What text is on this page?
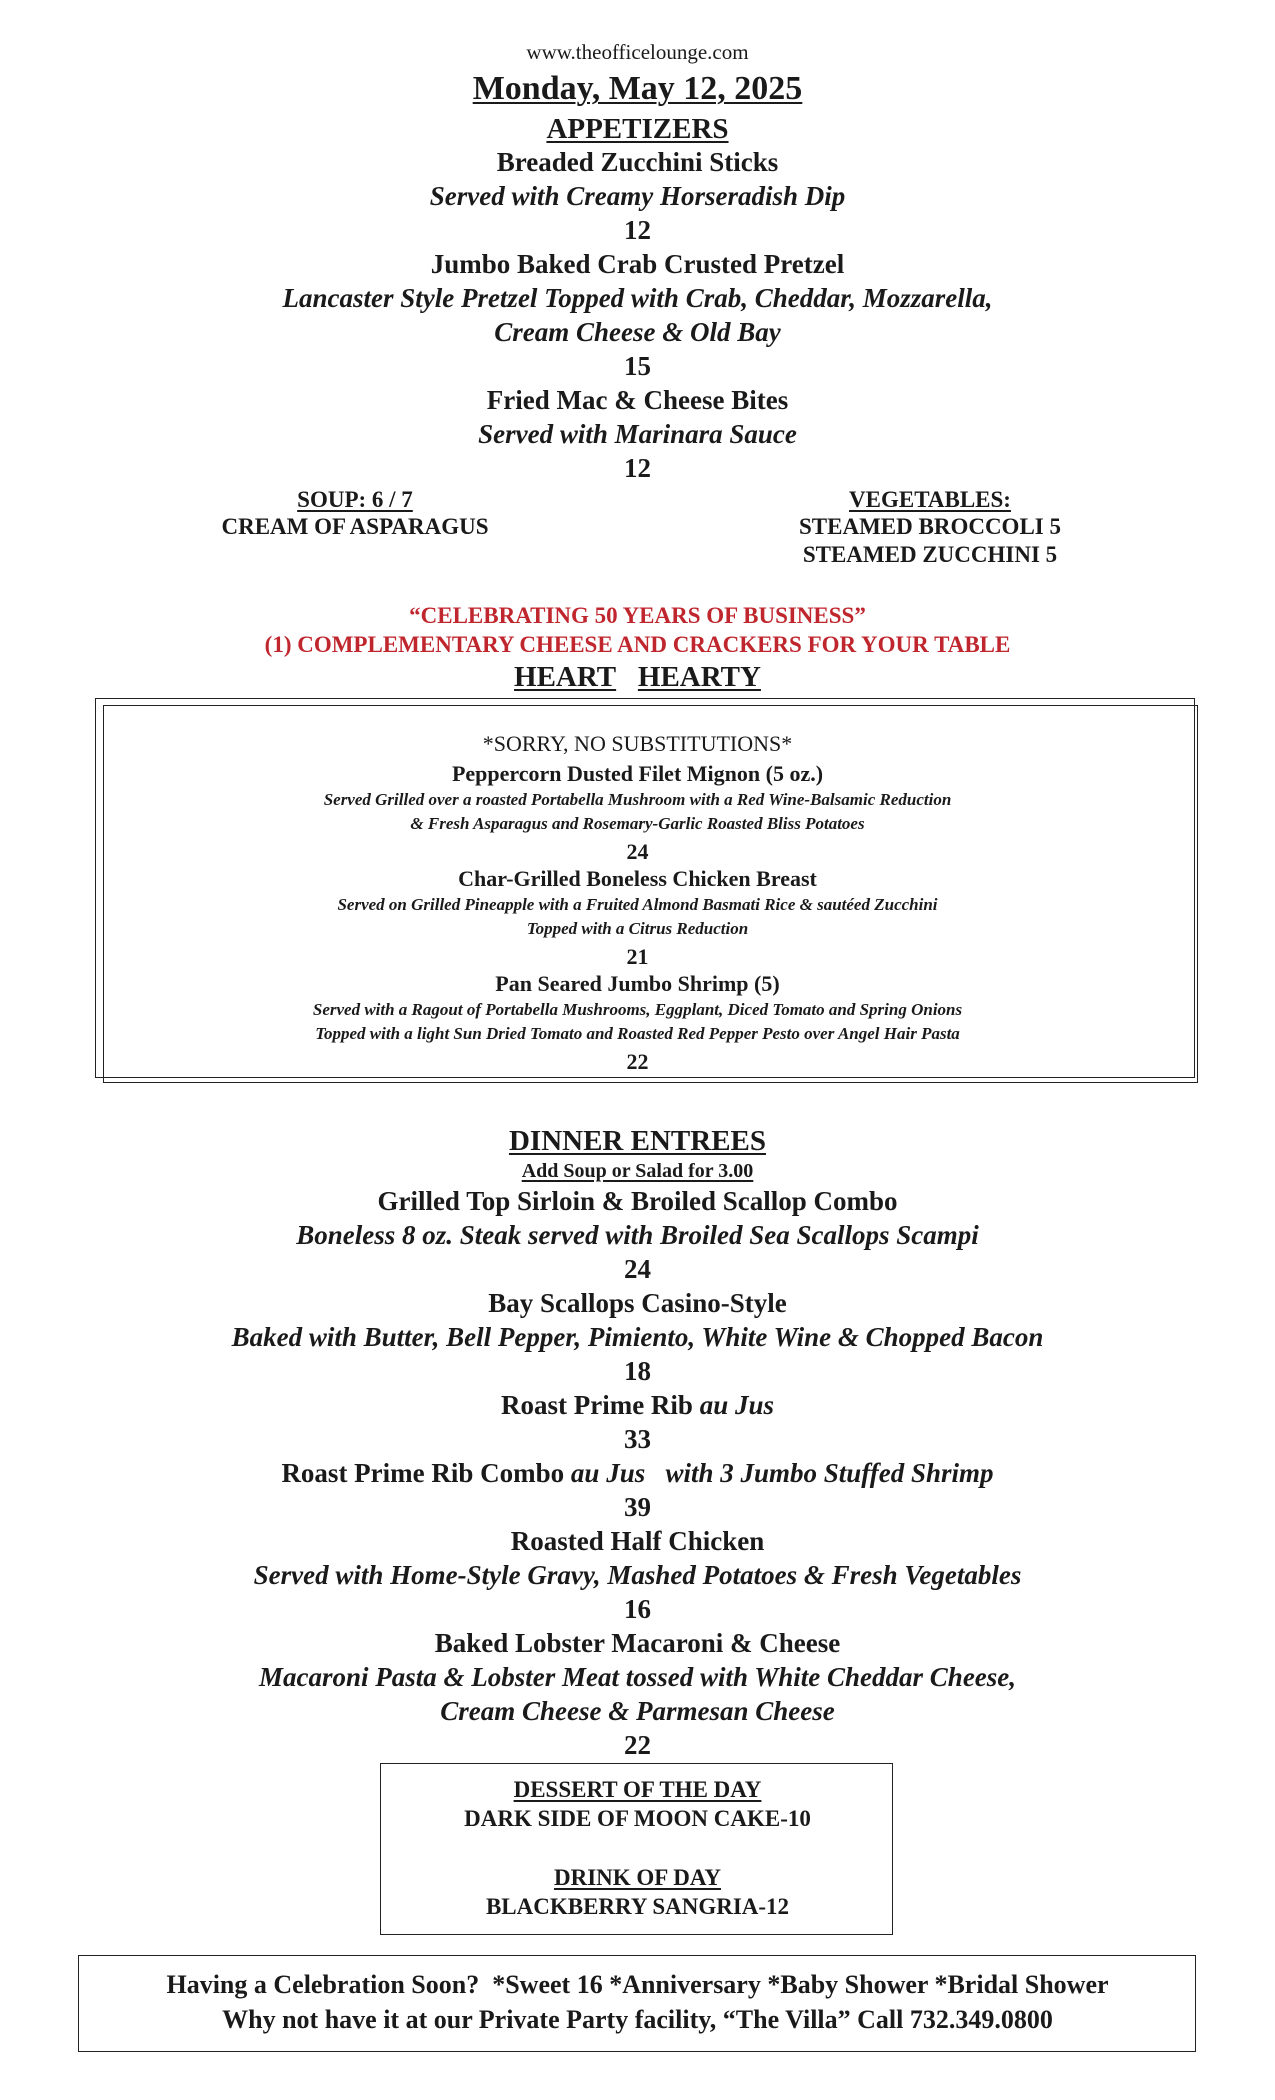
www.theofficelounge.com
Monday, May 12, 2025
APPETIZERS
Breaded Zucchini Sticks
Served with Creamy Horseradish Dip
12
Jumbo Baked Crab Crusted Pretzel
Lancaster Style Pretzel Topped with Crab, Cheddar, Mozzarella,
Cream Cheese & Old Bay
15
Fried Mac & Cheese Bites
Served with Marinara Sauce
12
SOUP: 6 / 7
CREAM OF ASPARAGUS
VEGETABLES:
STEAMED BROCCOLI 5
STEAMED ZUCCHINI 5
“CELEBRATING 50 YEARS OF BUSINESS”
(1) COMPLEMENTARY CHEESE AND CRACKERS FOR YOUR TABLE
HEART HEARTY
*SORRY, NO SUBSTITUTIONS*
Peppercorn Dusted Filet Mignon (5 oz.)
Served Grilled over a roasted Portabella Mushroom with a Red Wine-Balsamic Reduction
& Fresh Asparagus and Rosemary-Garlic Roasted Bliss Potatoes
24
Char-Grilled Boneless Chicken Breast
Served on Grilled Pineapple with a Fruited Almond Basmati Rice & sautéed Zucchini
Topped with a Citrus Reduction
21
Pan Seared Jumbo Shrimp (5)
Served with a Ragout of Portabella Mushrooms, Eggplant, Diced Tomato and Spring Onions
Topped with a light Sun Dried Tomato and Roasted Red Pepper Pesto over Angel Hair Pasta
22
DINNER ENTREES
Add Soup or Salad for 3.00
Grilled Top Sirloin & Broiled Scallop Combo
Boneless 8 oz. Steak served with Broiled Sea Scallops Scampi
24
Bay Scallops Casino-Style
Baked with Butter, Bell Pepper, Pimiento, White Wine & Chopped Bacon
18
Roast Prime Rib au Jus
33
Roast Prime Rib Combo au Jus   with 3 Jumbo Stuffed Shrimp
39
Roasted Half Chicken
Served with Home-Style Gravy, Mashed Potatoes & Fresh Vegetables
16
Baked Lobster Macaroni & Cheese
Macaroni Pasta & Lobster Meat tossed with White Cheddar Cheese,
Cream Cheese & Parmesan Cheese
22
DESSERT OF THE DAY
DARK SIDE OF MOON CAKE-10
DRINK OF DAY
BLACKBERRY SANGRIA-12
Having a Celebration Soon?  *Sweet 16 *Anniversary *Baby Shower *Bridal Shower
Why not have it at our Private Party facility, “The Villa” Call 732.349.0800
